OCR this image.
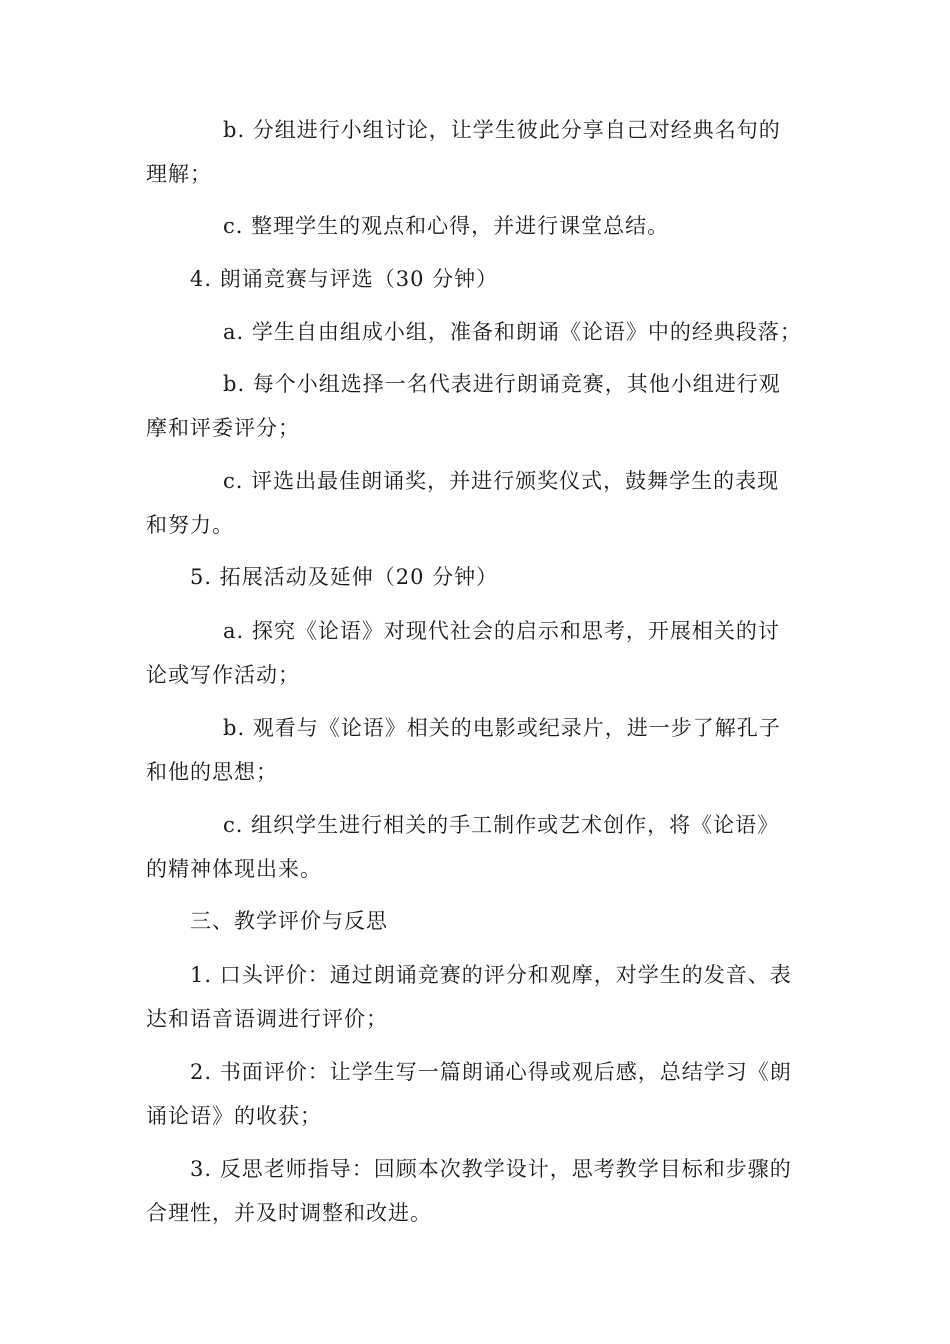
b. 分组进行小组讨论，让学生彼此分享自己对经典名句的
理解；
c. 整理学生的观点和心得，并进行课堂总结。
4. 朗诵竞赛与评选（30 分钟）
a. 学生自由组成小组，准备和朗诵《论语》中的经典段落；
b. 每个小组选择一名代表进行朗诵竞赛，其他小组进行观
摩和评委评分；
c. 评选出最佳朗诵奖，并进行颁奖仪式，鼓舞学生的表现
和努力。
5. 拓展活动及延伸（20 分钟）
a. 探究《论语》对现代社会的启示和思考，开展相关的讨
论或写作活动；
b. 观看与《论语》相关的电影或纪录片，进一步了解孔子
和他的思想；
c. 组织学生进行相关的手工制作或艺术创作，将《论语》
的精神体现出来。
三、教学评价与反思
1. 口头评价：通过朗诵竞赛的评分和观摩，对学生的发音、表
达和语音语调进行评价；
2. 书面评价：让学生写一篇朗诵心得或观后感，总结学习《朗
诵论语》的收获；
3. 反思老师指导：回顾本次教学设计，思考教学目标和步骤的
合理性，并及时调整和改进。
